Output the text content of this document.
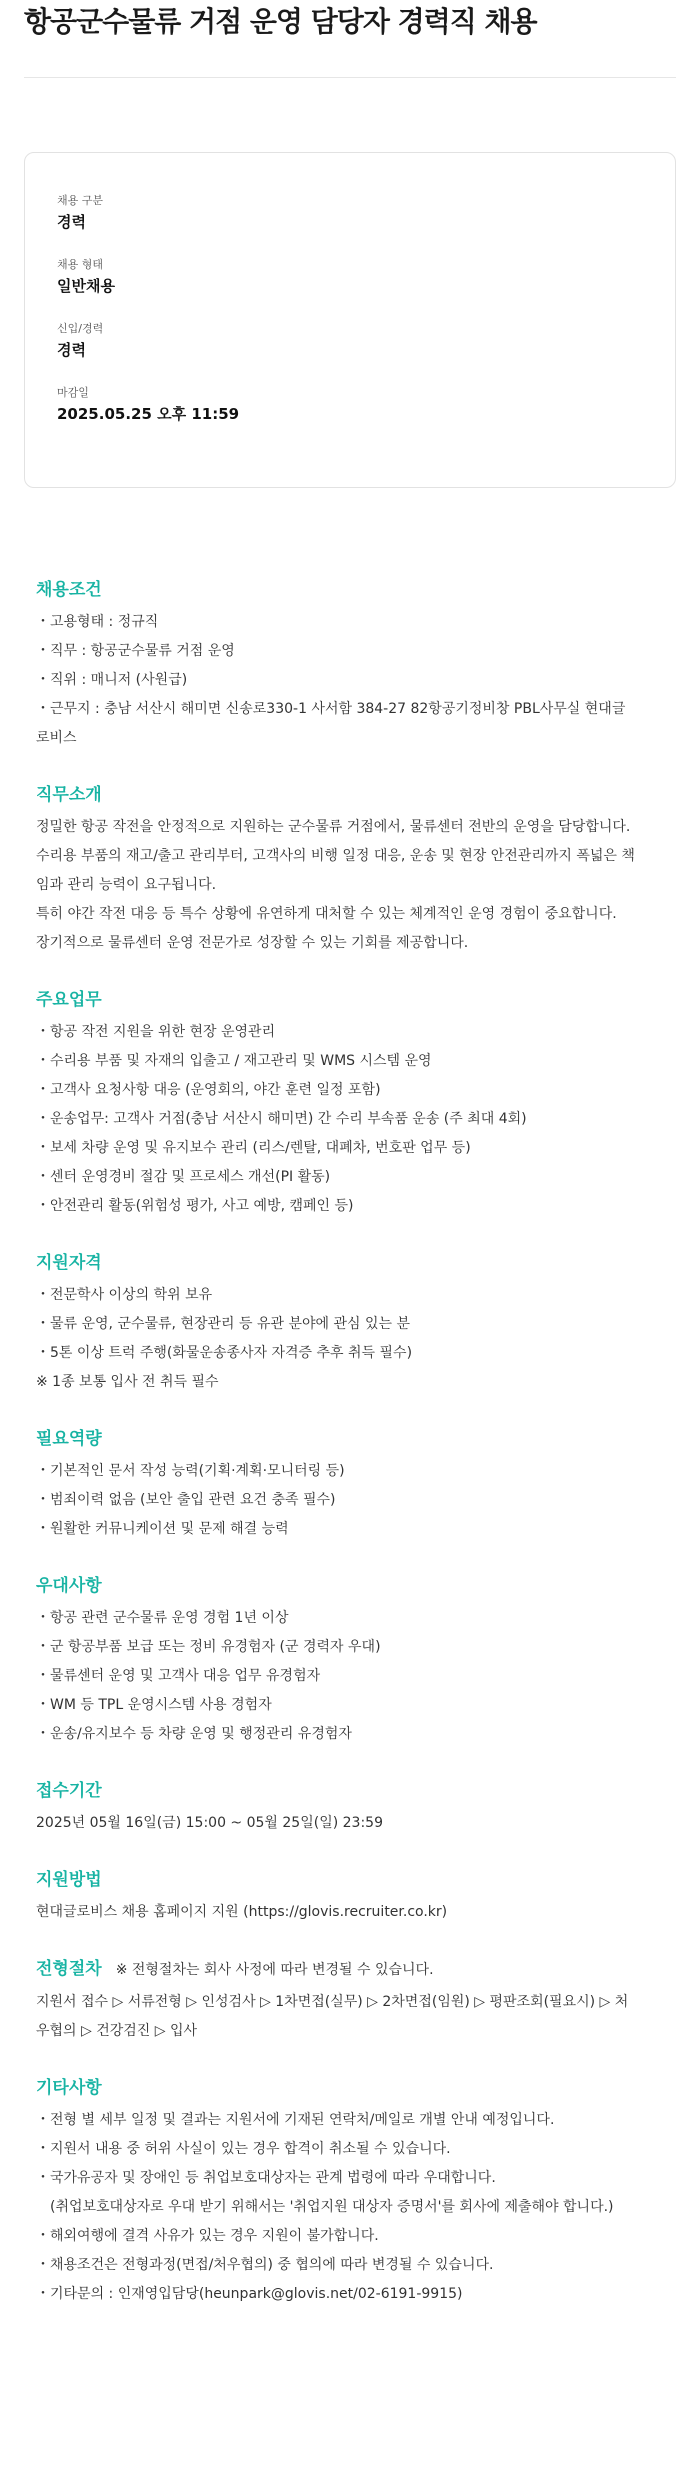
항공군수물류 거점 운영 담당자 경력직 채용
채용 구분
경력
채용 형태
일반채용
신입/경력
경력
마감일
2025.05.25 오후 11:59
채용조건
・ 고용형태 : 정규직
・ 직무 : 항공군수물류 거점 운영
・ 직위 : 매니저 (사원급)
・ 근무지 : 충남 서산시 해미면 신송로330-1 사서함 384-27 82항공기정비창 PBL사무실 현대글로비스
직무소개
정밀한 항공 작전을 안정적으로 지원하는 군수물류 거점에서, 물류센터 전반의 운영을 담당합니다.
수리용 부품의 재고/출고 관리부터, 고객사의 비행 일정 대응, 운송 및 현장 안전관리까지 폭넓은 책임과 관리 능력이 요구됩니다.
특히 야간 작전 대응 등 특수 상황에 유연하게 대처할 수 있는 체계적인 운영 경험이 중요합니다.
장기적으로 물류센터 운영 전문가로 성장할 수 있는 기회를 제공합니다.
주요업무
・ 항공 작전 지원을 위한 현장 운영관리
・ 수리용 부품 및 자재의 입출고 / 재고관리 및 WMS 시스템 운영
・ 고객사 요청사항 대응 (운영회의, 야간 훈련 일정 포함)
・ 운송업무: 고객사 거점(충남 서산시 해미면) 간 수리 부속품 운송 (주 최대 4회)
・ 보세 차량 운영 및 유지보수 관리 (리스/렌탈, 대폐차, 번호판 업무 등)
・ 센터 운영경비 절감 및 프로세스 개선(PI 활동)
・ 안전관리 활동(위험성 평가, 사고 예방, 캠페인 등)
지원자격
・ 전문학사 이상의 학위 보유
・ 물류 운영, 군수물류, 현장관리 등 유관 분야에 관심 있는 분
・ 5톤 이상 트럭 주행(화물운송종사자 자격증 추후 취득 필수)
※ 1종 보통 입사 전 취득 필수
필요역량
・ 기본적인 문서 작성 능력(기획·계획·모니터링 등)
・ 범죄이력 없음 (보안 출입 관련 요건 충족 필수)
・ 원활한 커뮤니케이션 및 문제 해결 능력
우대사항
・ 항공 관련 군수물류 운영 경험 1년 이상
・ 군 항공부품 보급 또는 정비 유경험자 (군 경력자 우대)
・ 물류센터 운영 및 고객사 대응 업무 유경험자
・ WM 등 TPL 운영시스템 사용 경험자
・ 운송/유지보수 등 차량 운영 및 행정관리 유경험자
접수기간
2025년 05월 16일(금) 15:00 ~ 05월 25일(일) 23:59
지원방법
현대글로비스 채용 홈페이지 지원 (https://glovis.recruiter.co.kr)
전형절차 ※ 전형절차는 회사 사정에 따라 변경될 수 있습니다.
지원서 접수 ▷ 서류전형 ▷ 인성검사 ▷ 1차면접(실무) ▷ 2차면접(임원) ▷ 평판조회(필요시) ▷ 처우협의 ▷ 건강검진 ▷ 입사
기타사항
・ 전형 별 세부 일정 및 결과는 지원서에 기재된 연락처/메일로 개별 안내 예정입니다.
・ 지원서 내용 중 허위 사실이 있는 경우 합격이 취소될 수 있습니다.
・ 국가유공자 및 장애인 등 취업보호대상자는 관계 법령에 따라 우대합니다.
(취업보호대상자로 우대 받기 위해서는 '취업지원 대상자 증명서'를 회사에 제출해야 합니다.)
・ 해외여행에 결격 사유가 있는 경우 지원이 불가합니다.
・ 채용조건은 전형과정(면접/처우협의) 중 협의에 따라 변경될 수 있습니다.
・ 기타문의 : 인재영입담당(heunpark@glovis.net/02-6191-9915)
